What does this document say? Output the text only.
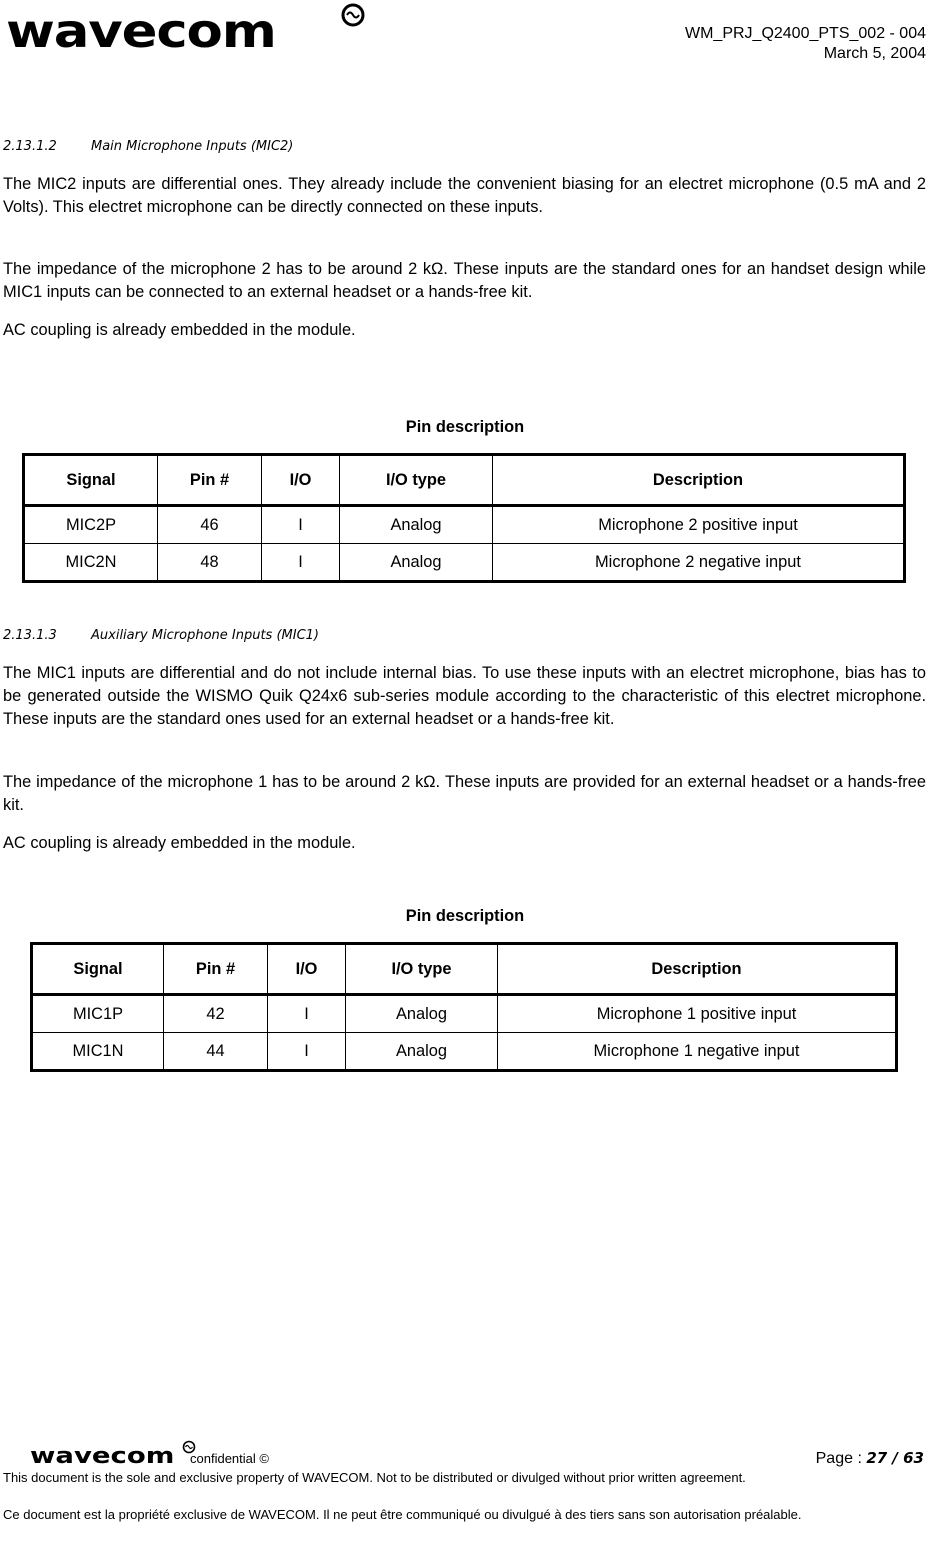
wavecom	WM_PRJ_Q2400_PTS_002 - 004
March 5, 2004
2.13.1.2	Main Microphone Inputs (MIC2)

The MIC2 inputs are differential ones. They already include the convenient biasing for an electret microphone (0.5 mA and 2 Volts). This electret microphone can be directly connected on these inputs.

The impedance of the microphone 2 has to be around 2 kΩ. These inputs are the standard ones for an handset design while MIC1 inputs can be connected to an external headset or a hands-free kit.

AC coupling is already embedded in the module.

Pin description
Signal	Pin #	I/O	I/O type	Description
MIC2P	46	I	Analog	Microphone 2 positive input
MIC2N	48	I	Analog	Microphone 2 negative input
2.13.1.3	Auxiliary Microphone Inputs (MIC1)

The MIC1 inputs are differential and do not include internal bias. To use these inputs with an electret microphone, bias has to be generated outside the WISMO Quik Q24x6 sub-series module according to the characteristic of this electret microphone. These inputs are the standard ones used for an external headset or a hands-free kit.

The impedance of the microphone 1 has to be around 2 kΩ. These inputs are provided for an external headset or a hands-free kit.

AC coupling is already embedded in the module.

Pin description
Signal	Pin #	I/O	I/O type	Description
MIC1P	42	I	Analog	Microphone 1 positive input
MIC1N	44	I	Analog	Microphone 1 negative input
wavecom confidential ©	Page : 27 / 63

This document is the sole and exclusive property of WAVECOM. Not to be distributed or divulged without prior written agreement.

Ce document est la propriété exclusive de WAVECOM. Il ne peut être communiqué ou divulgué à des tiers sans son autorisation préalable.
